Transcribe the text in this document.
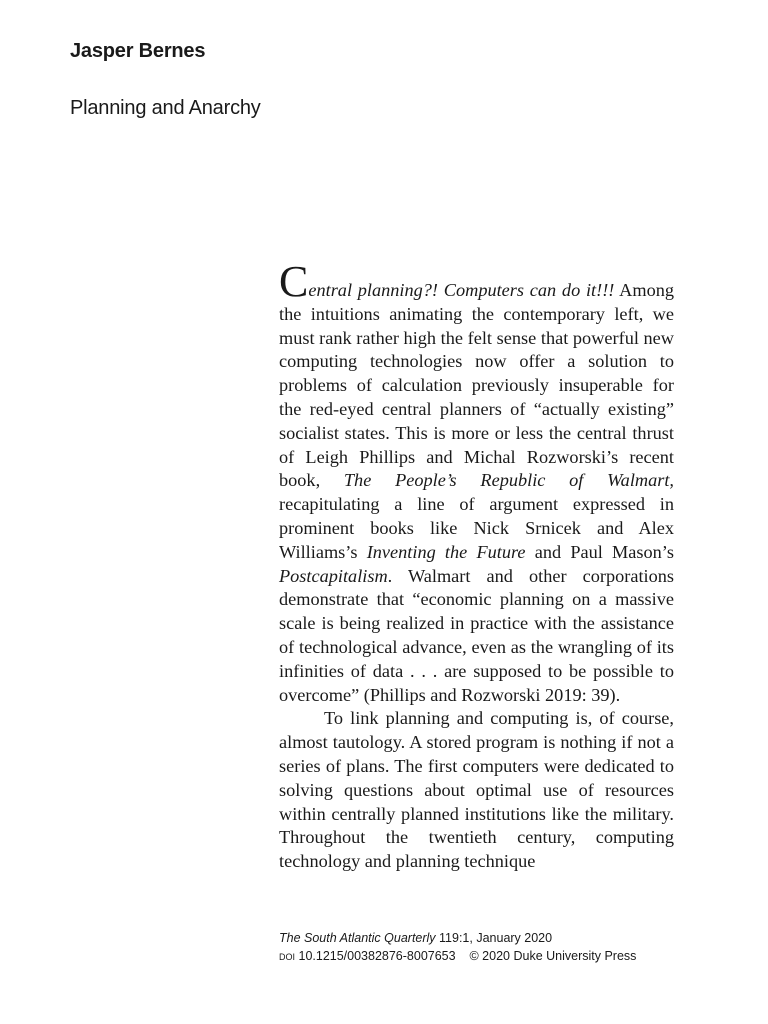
Jasper Bernes
Planning and Anarchy

Central planning?! Computers can do it!!! Among the intuitions animating the contemporary left, we must rank rather high the felt sense that powerful new computing technologies now offer a solution to problems of calculation previously insuperable for the red-eyed central planners of “actually existing” socialist states. This is more or less the central thrust of Leigh Phillips and Michal Rozworski’s recent book, The People’s Republic of Walmart, recapitulating a line of argument expressed in prominent books like Nick Srnicek and Alex Williams’s Inventing the Future and Paul Mason’s Postcapitalism. Walmart and other corporations demonstrate that “economic planning on a massive scale is being realized in practice with the assistance of technological advance, even as the wrangling of its infinities of data . . . are supposed to be possible to overcome” (Phillips and Rozworski 2019: 39).

To link planning and computing is, of course, almost tautology. A stored program is nothing if not a series of plans. The first computers were dedicated to solving questions about optimal use of resources within centrally planned institutions like the military. Throughout the twentieth century, computing technology and planning technique

The South Atlantic Quarterly 119:1, January 2020
doi 10.1215/00382876-8007653 © 2020 Duke University Press
